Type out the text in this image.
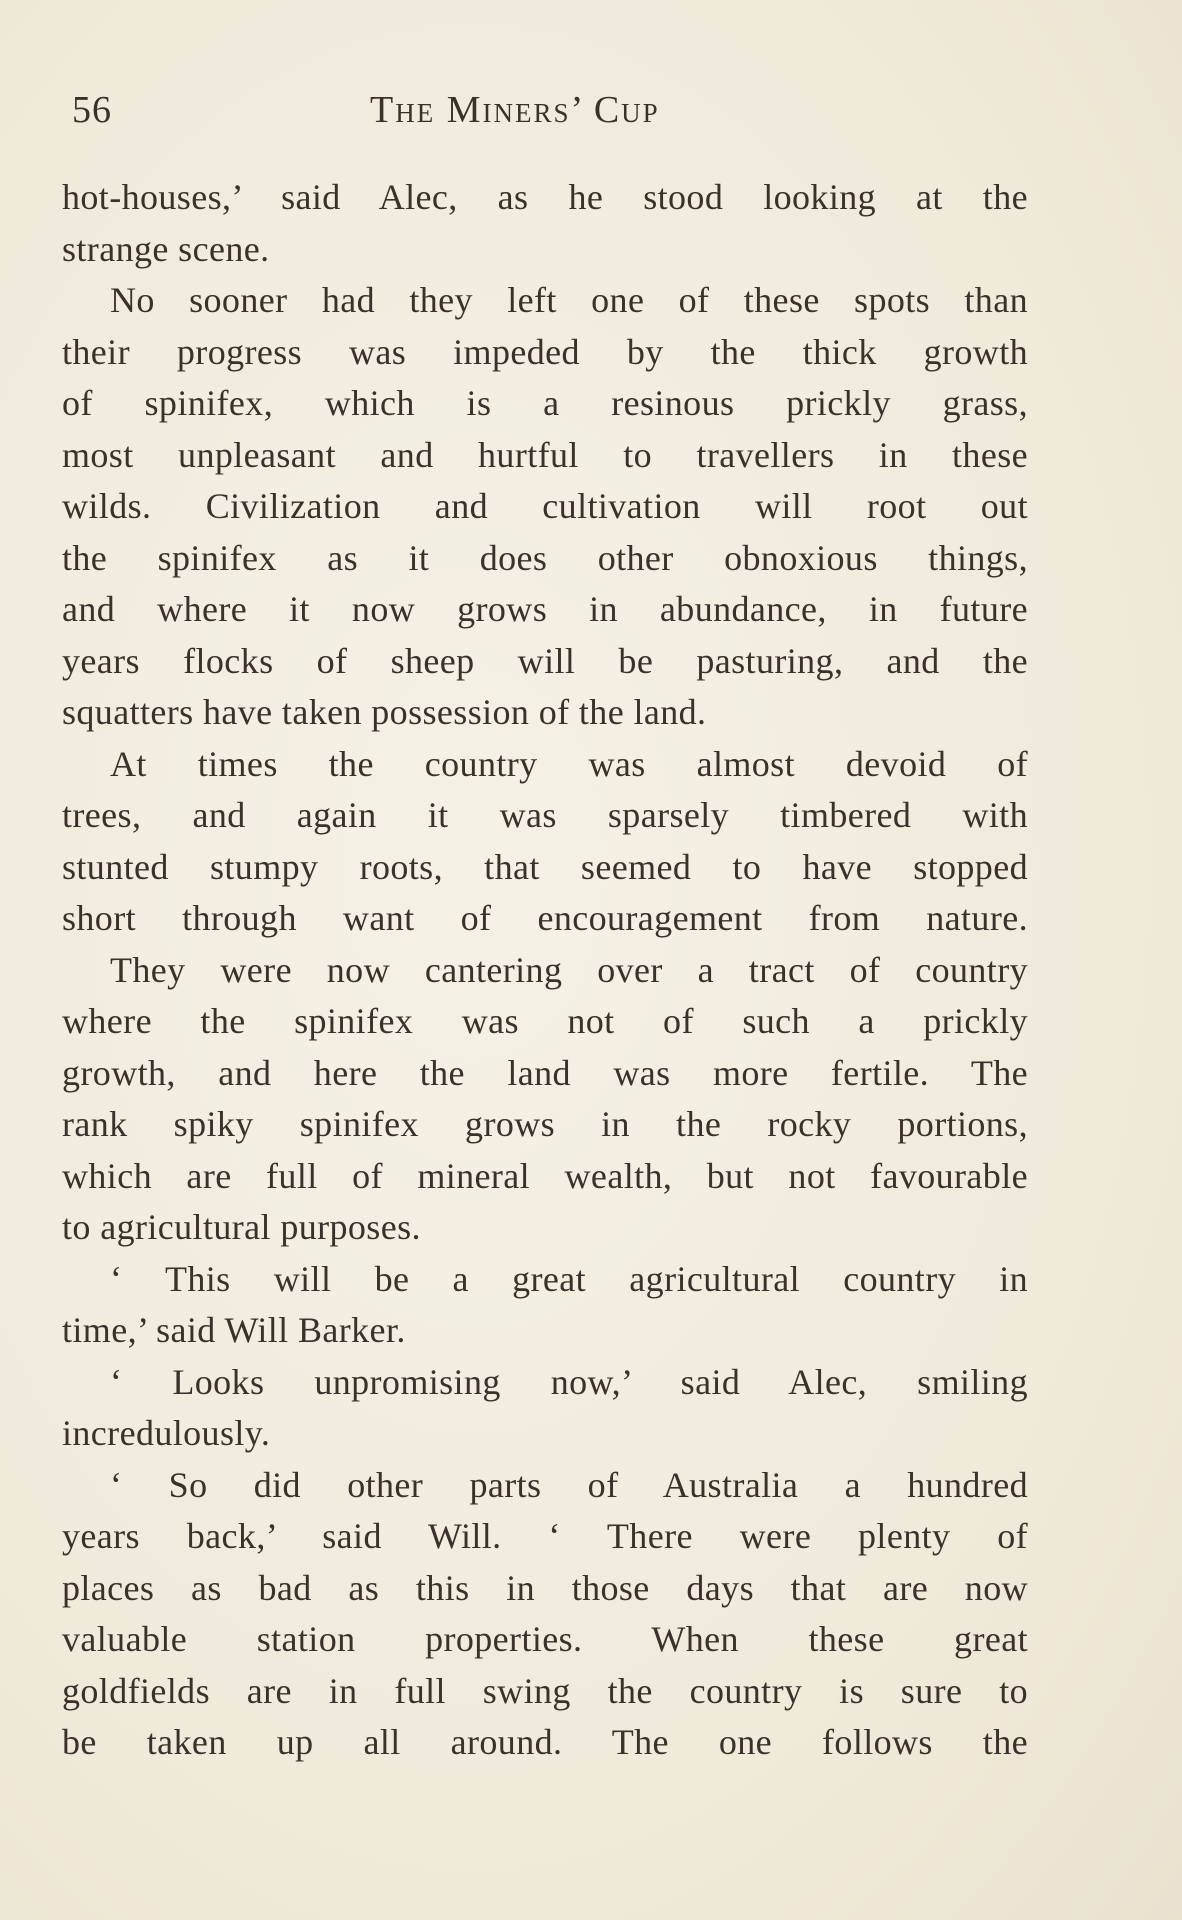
56	The Miners’ Cup
hot-houses,’ said Alec, as he stood looking at the
strange scene.
No sooner had they left one of these spots than
their progress was impeded by the thick growth
of spinifex, which is a resinous prickly grass,
most unpleasant and hurtful to travellers in these
wilds. Civilization and cultivation will root out
the spinifex as it does other obnoxious things,
and where it now grows in abundance, in future
years flocks of sheep will be pasturing, and the
squatters have taken possession of the land.
At times the country was almost devoid of
trees, and again it was sparsely timbered with
stunted stumpy roots, that seemed to have stopped
short through want of encouragement from nature.
They were now cantering over a tract of country
where the spinifex was not of such a prickly
growth, and here the land was more fertile. The
rank spiky spinifex grows in the rocky portions,
which are full of mineral wealth, but not favourable
to agricultural purposes.
‘ This will be a great agricultural country in
time,’ said Will Barker.
‘ Looks unpromising now,’ said Alec, smiling
incredulously.
‘ So did other parts of Australia a hundred
years back,’ said Will. ‘ There were plenty of
places as bad as this in those days that are now
valuable station properties. When these great
goldfields are in full swing the country is sure to
be taken up all around. The one follows the
